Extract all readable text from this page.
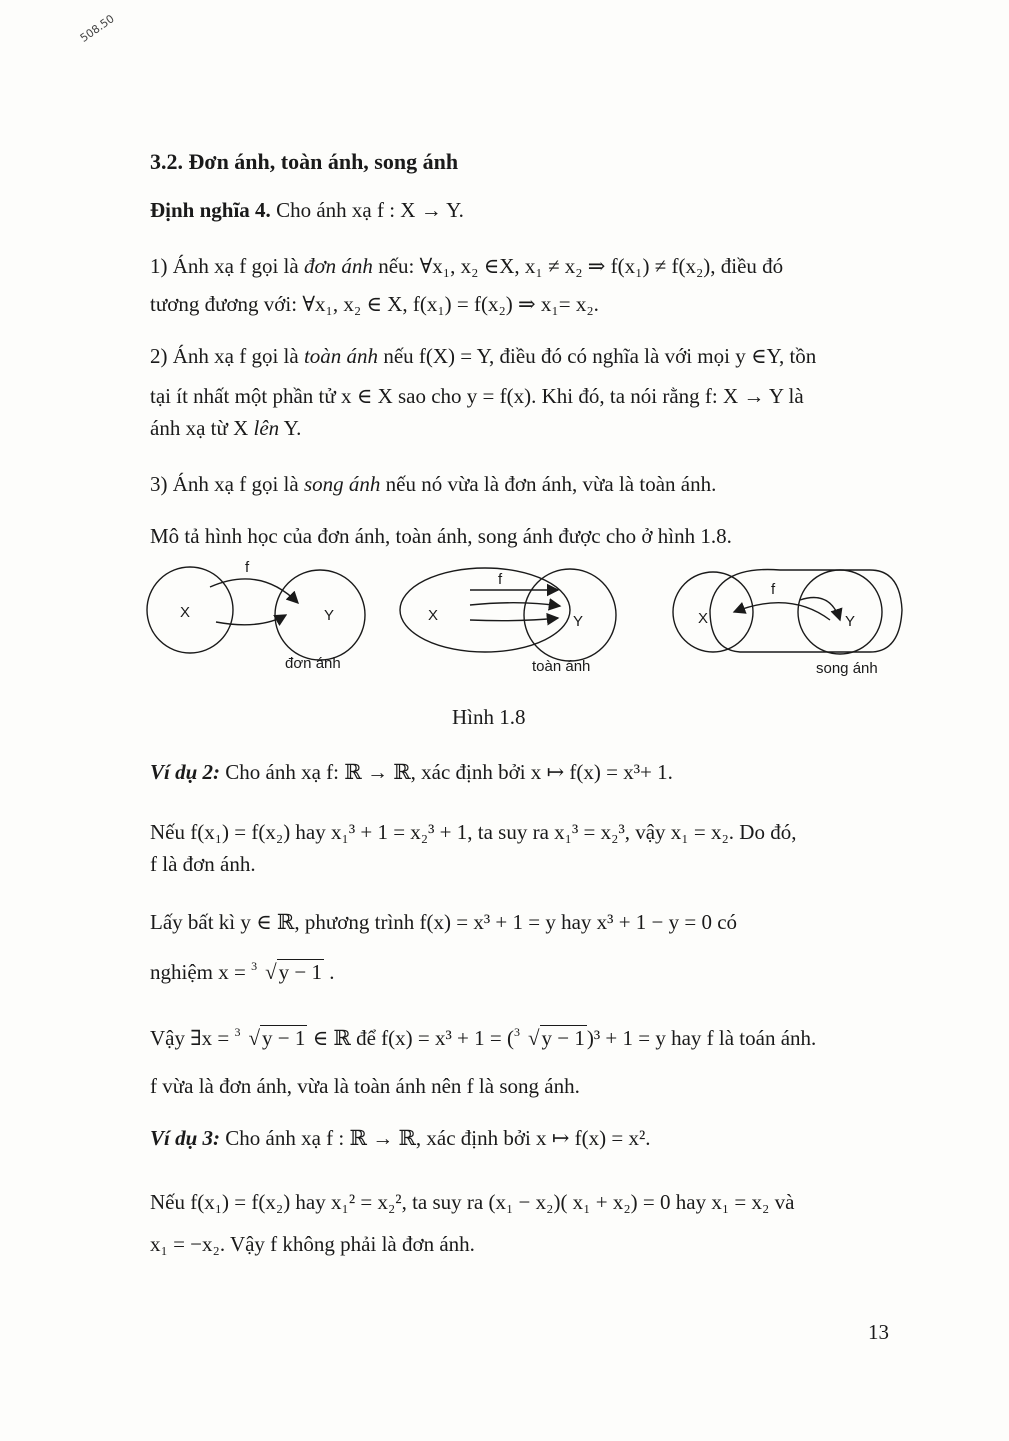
508.50
3.2. Đơn ánh, toàn ánh, song ánh
Định nghĩa 4. Cho ánh xạ f : X → Y.
1) Ánh xạ f gọi là đơn ánh nếu: ∀x₁, x₂ ∈X, x₁ ≠ x₂ ⇒ f(x₁) ≠ f(x₂), điều đó
tương đương với: ∀x₁, x₂ ∈ X, f(x₁) = f(x₂) ⇒ x₁= x₂.
2) Ánh xạ f gọi là toàn ánh nếu f(X) = Y, điều đó có nghĩa là với mọi y ∈Y, tồn
tại ít nhất một phần tử x ∈ X sao cho y = f(x). Khi đó, ta nói rằng f: X → Y là
ánh xạ từ X lên Y.
3) Ánh xạ f gọi là song ánh nếu nó vừa là đơn ánh, vừa là toàn ánh.
Mô tả hình học của đơn ánh, toàn ánh, song ánh được cho ở hình 1.8.
X	Y
f
đơn ánh
X	Y
f
toàn ánh
X	Y
f
song ánh
Hình 1.8
Ví dụ 2: Cho ánh xạ f: ℝ → ℝ, xác định bởi x ↦ f(x) = x³+ 1.
Nếu f(x₁) = f(x₂) hay x₁³ + 1 = x₂³ + 1, ta suy ra x₁³ = x₂³, vậy x₁ = x₂. Do đó,
f là đơn ánh.
Lấy bất kì y ∈ ℝ, phương trình f(x) = x³ + 1 = y hay x³ + 1 − y = 0 có
nghiệm x = 3 √y − 1 .
Vậy ∃x = 3 √y − 1 ∈ ℝ để f(x) = x³ + 1 = ( 3 √y − 1)³ + 1 = y hay f là toán ánh.
f vừa là đơn ánh, vừa là toàn ánh nên f là song ánh.
Ví dụ 3: Cho ánh xạ f : ℝ → ℝ, xác định bởi x ↦ f(x) = x².
Nếu f(x₁) = f(x₂) hay x₁² = x₂², ta suy ra (x₁ − x₂)( x₁ + x₂) = 0 hay x₁ = x₂ và
x₁ = −x₂. Vậy f không phải là đơn ánh.
13
